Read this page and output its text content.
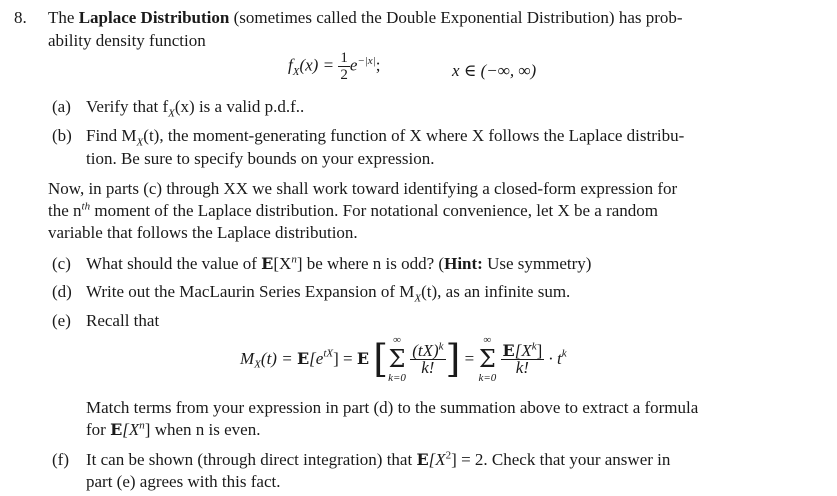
8. The Laplace Distribution (sometimes called the Double Exponential Distribution) has prob-
ability density function
$f_X(x) = \frac{1}{2} e^{-|x|}$;	x ∈ (−∞, ∞)
(a) Verify that $f_X(x)$ is a valid p.d.f..
(b) Find $M_X(t)$, the moment-generating function of X where X follows the Laplace distribu-
tion. Be sure to specify bounds on your expression.
Now, in parts (c) through XX we shall work toward identifying a closed-form expression for
the $n^{th}$ moment of the Laplace distribution. For notational convenience, let X be a random
variable that follows the Laplace distribution.
(c) What should the value of $E[X^n]$ be where n is odd? (Hint: Use symmetry)
(d) Write out the MacLaurin Series Expansion of $M_X(t)$, as an infinite sum.
(e) Recall that
$M_X(t) = E[e^{tX}] = E$ [ ∞
Σ
k=0

$\frac{(tX)^k}{k!}$ ] =
∞
Σ
k=0

$\frac{E[X^k]}{k!} \cdot t^k$
Match terms from your expression in part (d) to the summation above to extract a formula
for $E[X^n]$ when n is even.
(f) It can be shown (through direct integration) that $E[X^2] = 2$. Check that your answer in
part (e) agrees with this fact.
